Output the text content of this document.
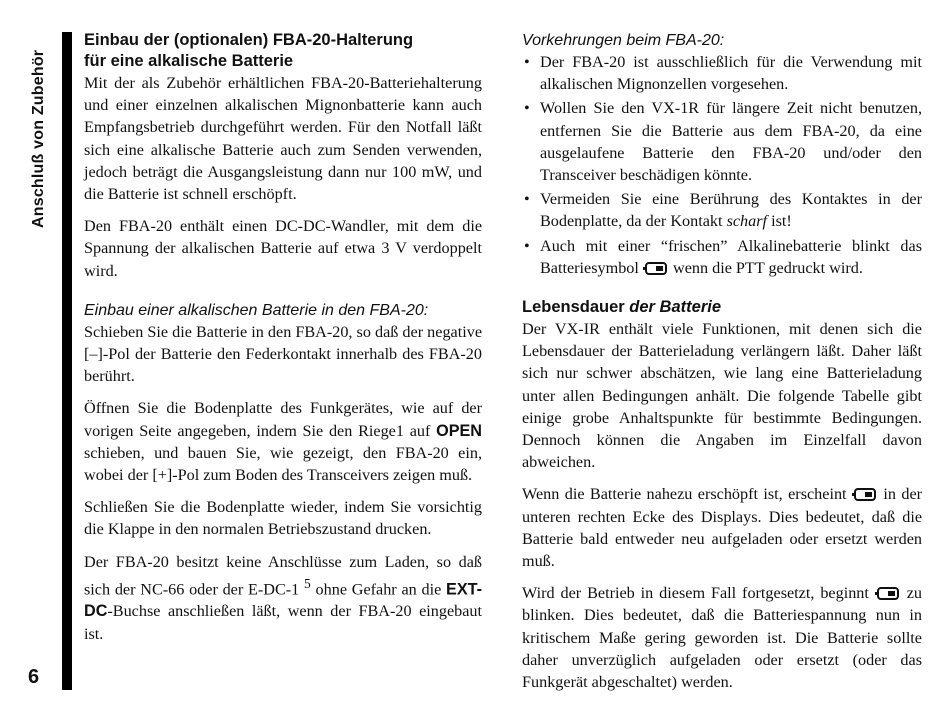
Anschluß von Zubehör
6
Einbau der (optionalen) FBA-20-Halterung
für eine alkalische Batterie

Mit der als Zubehör erhältlichen FBA-20-Batteriehalterung und einer einzelnen alkalischen Mignonbatterie kann auch Empfangsbetrieb durchgeführt werden. Für den Notfall läßt sich eine alkalische Batterie auch zum Senden verwenden, jedoch beträgt die Ausgangsleistung dann nur 100 mW, und die Batterie ist schnell erschöpft.

Den FBA-20 enthält einen DC-DC-Wandler, mit dem die Spannung der alkalischen Batterie auf etwa 3 V verdoppelt wird.

Einbau einer alkalischen Batterie in den FBA-20:

Schieben Sie die Batterie in den FBA-20, so daß der negative [–]-Pol der Batterie den Federkontakt innerhalb des FBA-20 berührt.

Öffnen Sie die Bodenplatte des Funkgerätes, wie auf der vorigen Seite angegeben, indem Sie den Riege1 auf OPEN schieben, und bauen Sie, wie gezeigt, den FBA-20 ein, wobei der [+]-Pol zum Boden des Transceivers zeigen muß.

Schließen Sie die Bodenplatte wieder, indem Sie vorsichtig die Klappe in den normalen Betriebszustand drucken.

Der FBA-20 besitzt keine Anschlüsse zum Laden, so daß sich der NC-66 oder der E-DC-1 $^5$ ohne Gefahr an die EXT-DC-Buchse anschließen läßt, wenn der FBA-20 eingebaut ist.

Vorkehrungen beim FBA-20:
• Der FBA-20 ist ausschließlich für die Verwendung mit alkalischen Mignonzellen vorgesehen.
• Wollen Sie den VX-1R für längere Zeit nicht benutzen, entfernen Sie die Batterie aus dem FBA-20, da eine ausgelaufene Batterie den FBA-20 und/oder den Transceiver beschädigen könnte.
• Vermeiden Sie eine Berührung des Kontaktes in der Bodenplatte, da der Kontakt scharf ist!
• Auch mit einer “frischen” Alkalinebatterie blinkt das Batteriesymbol wenn die PTT gedruckt wird.
Lebensdauer der Batterie

Der VX-IR enthält viele Funktionen, mit denen sich die Lebensdauer der Batterieladung verlängern läßt. Daher läßt sich nur schwer abschätzen, wie lang eine Batterieladung unter allen Bedingungen anhält. Die folgende Tabelle gibt einige grobe Anhaltspunkte für bestimmte Bedingungen. Dennoch können die Angaben im Einzelfall davon abweichen.

Wenn die Batterie nahezu erschöpft ist, erscheint in der unteren rechten Ecke des Displays. Dies bedeutet, daß die Batterie bald entweder neu aufgeladen oder ersetzt werden muß.

Wird der Betrieb in diesem Fall fortgesetzt, beginnt zu blinken. Dies bedeutet, daß die Batteriespannung nun in kritischem Maße gering geworden ist. Die Batterie sollte daher unverzüglich aufgeladen oder ersetzt (oder das Funkgerät abgeschaltet) werden.
